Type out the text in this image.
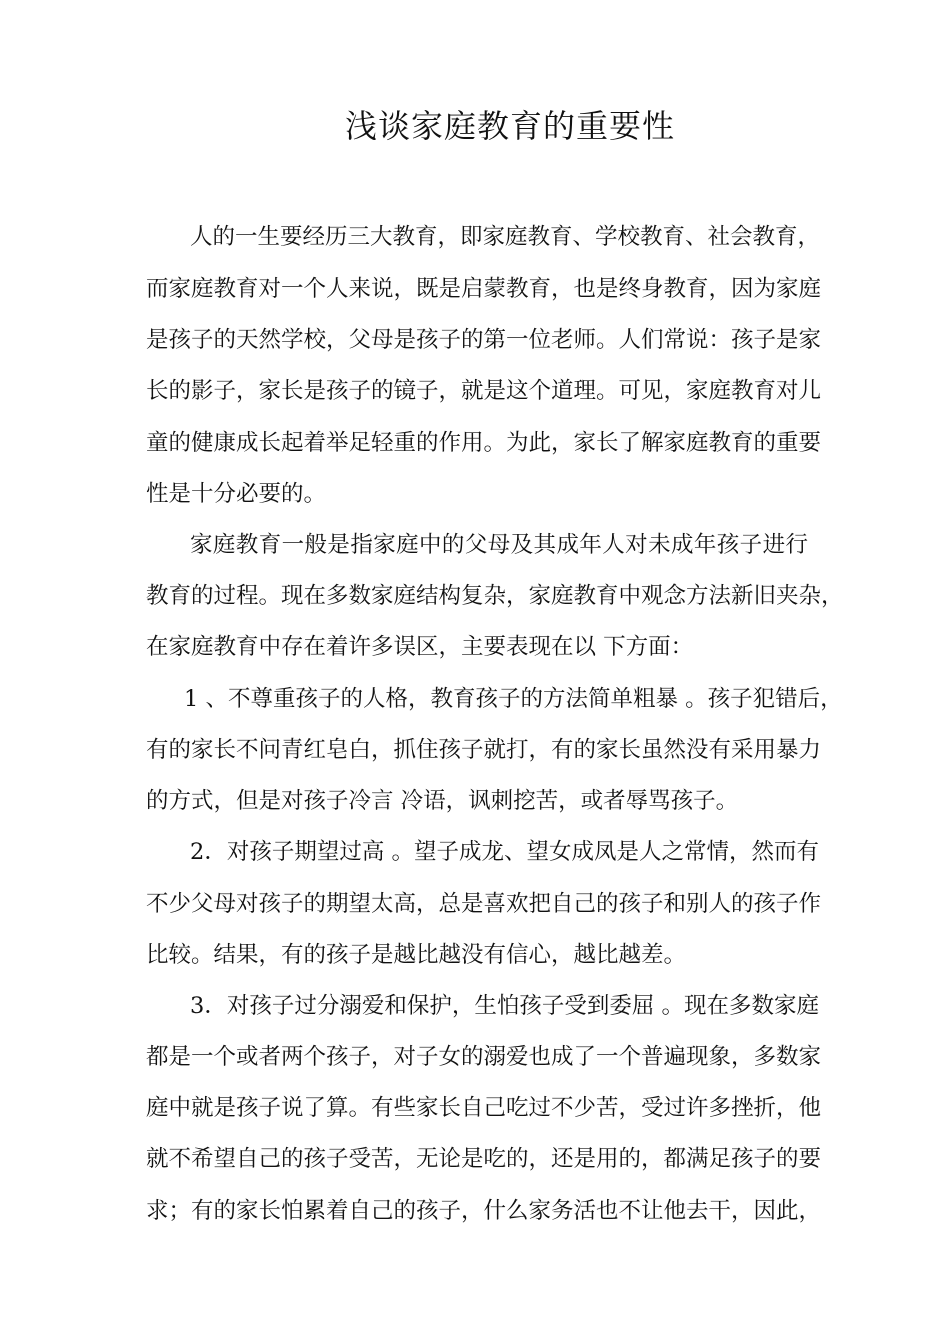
浅谈家庭教育的重要性
人的一生要经历三大教育，即家庭教育、学校教育、社会教育，
而家庭教育对一个人来说，既是启蒙教育，也是终身教育，因为家庭
是孩子的天然学校，父母是孩子的第一位老师。人们常说：孩子是家
长的影子，家长是孩子的镜子，就是这个道理。可见，家庭教育对儿
童的健康成长起着举足轻重的作用。为此，家长了解家庭教育的重要
性是十分必要的。
家庭教育一般是指家庭中的父母及其成年人对未成年孩子进行
教育的过程。现在多数家庭结构复杂，家庭教育中观念方法新旧夹杂，
在家庭教育中存在着许多误区，主要表现在以 下方面：
1 、不尊重孩子的人格，教育孩子的方法简单粗暴 。孩子犯错后，
有的家长不问青红皂白，抓住孩子就打，有的家长虽然没有采用暴力
的方式，但是对孩子冷言 冷语，讽刺挖苦，或者辱骂孩子。
2．对孩子期望过高 。望子成龙、望女成凤是人之常情，然而有
不少父母对孩子的期望太高，总是喜欢把自己的孩子和别人的孩子作
比较。结果，有的孩子是越比越没有信心，越比越差。
3．对孩子过分溺爱和保护，生怕孩子受到委屈 。现在多数家庭
都是一个或者两个孩子，对子女的溺爱也成了一个普遍现象，多数家
庭中就是孩子说了算。有些家长自己吃过不少苦，受过许多挫折，他
就不希望自己的孩子受苦，无论是吃的，还是用的，都满足孩子的要
求；有的家长怕累着自己的孩子，什么家务活也不让他去干，因此，
